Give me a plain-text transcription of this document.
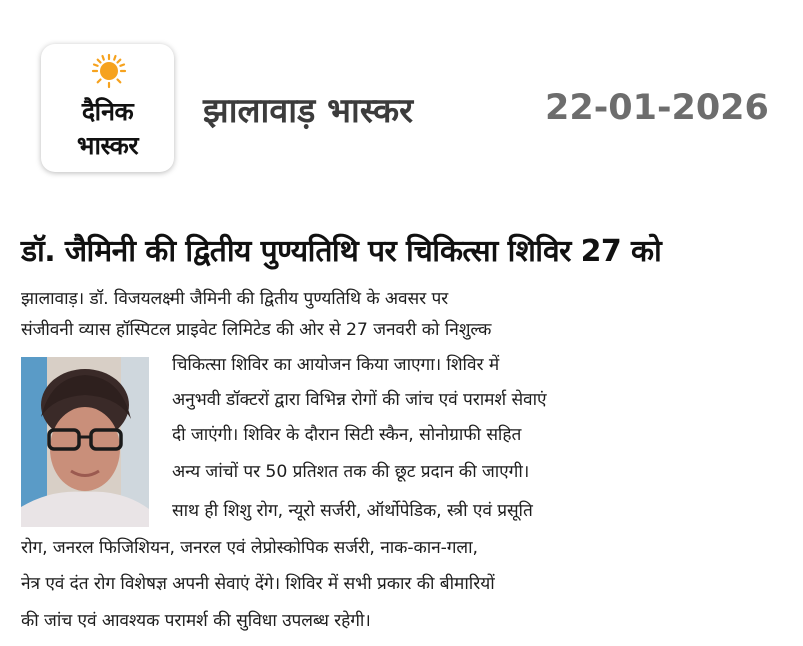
दैनिक
भास्कर
झालावाड़ भास्कर	22-01-2026
डॉ. जैमिनी की द्वितीय पुण्यतिथि पर चिकित्सा शिविर 27 को
झालावाड़। डॉ. विजयलक्ष्मी जैमिनी की द्वितीय पुण्यतिथि के अवसर पर
संजीवनी व्यास हॉस्पिटल प्राइवेट लिमिटेड की ओर से 27 जनवरी को निशुल्क
चिकित्सा शिविर का आयोजन किया जाएगा। शिविर में
अनुभवी डॉक्टरों द्वारा विभिन्न रोगों की जांच एवं परामर्श सेवाएं
दी जाएंगी। शिविर के दौरान सिटी स्कैन, सोनोग्राफी सहित
अन्य जांचों पर 50 प्रतिशत तक की छूट प्रदान की जाएगी।
साथ ही शिशु रोग, न्यूरो सर्जरी, ऑर्थोपेडिक, स्त्री एवं प्रसूति
रोग, जनरल फिजिशियन, जनरल एवं लेप्रोस्कोपिक सर्जरी, नाक-कान-गला,
नेत्र एवं दंत रोग विशेषज्ञ अपनी सेवाएं देंगे। शिविर में सभी प्रकार की बीमारियों
की जांच एवं आवश्यक परामर्श की सुविधा उपलब्ध रहेगी।
